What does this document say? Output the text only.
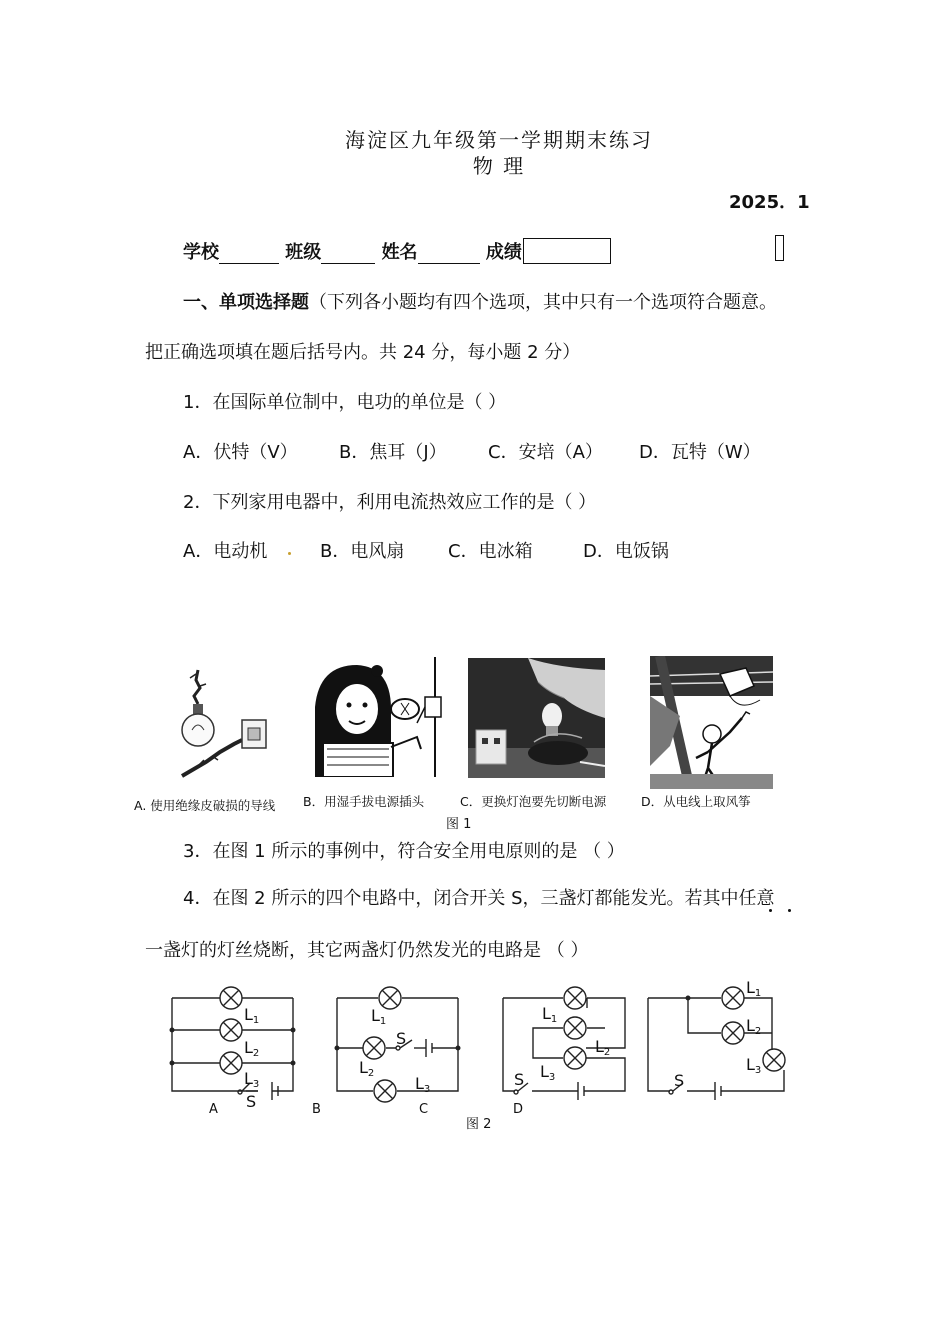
海淀区九年级第一学期期末练习
物 理
2025．1
学校	班级	姓名	成绩
一、单项选择题（下列各小题均有四个选项，其中只有一个选项符合题意。
把正确选项填在题后括号内。共 24 分，每小题 2 分）
1．在国际单位制中，电功的单位是（ ）
A．伏特（V） B．焦耳（J） C．安培（A） D．瓦特（W）
2．下列家用电器中，利用电流热效应工作的是（ ）
A．电动机	B．电风扇 C．电冰箱	D．电饭锅
A. 使用绝缘皮破损的导线 B．用湿手拔电源插头	C．更换灯泡要先切断电源	D．从电线上取风筝
图 1
3．在图 1 所示的事例中，符合安全用电原则的是 （ ）
4．在图 2 所示的四个电路中，闭合开关 S，三盏灯都能发光。若其中任意
一盏灯的灯丝烧断，其它两盏灯仍然发光的电路是 （ ）
L1
L2
L3
S
L1
S
L2
L3
L1
L2
L3
S
L1
L2
L3
S
A	B	C	D
图 2
